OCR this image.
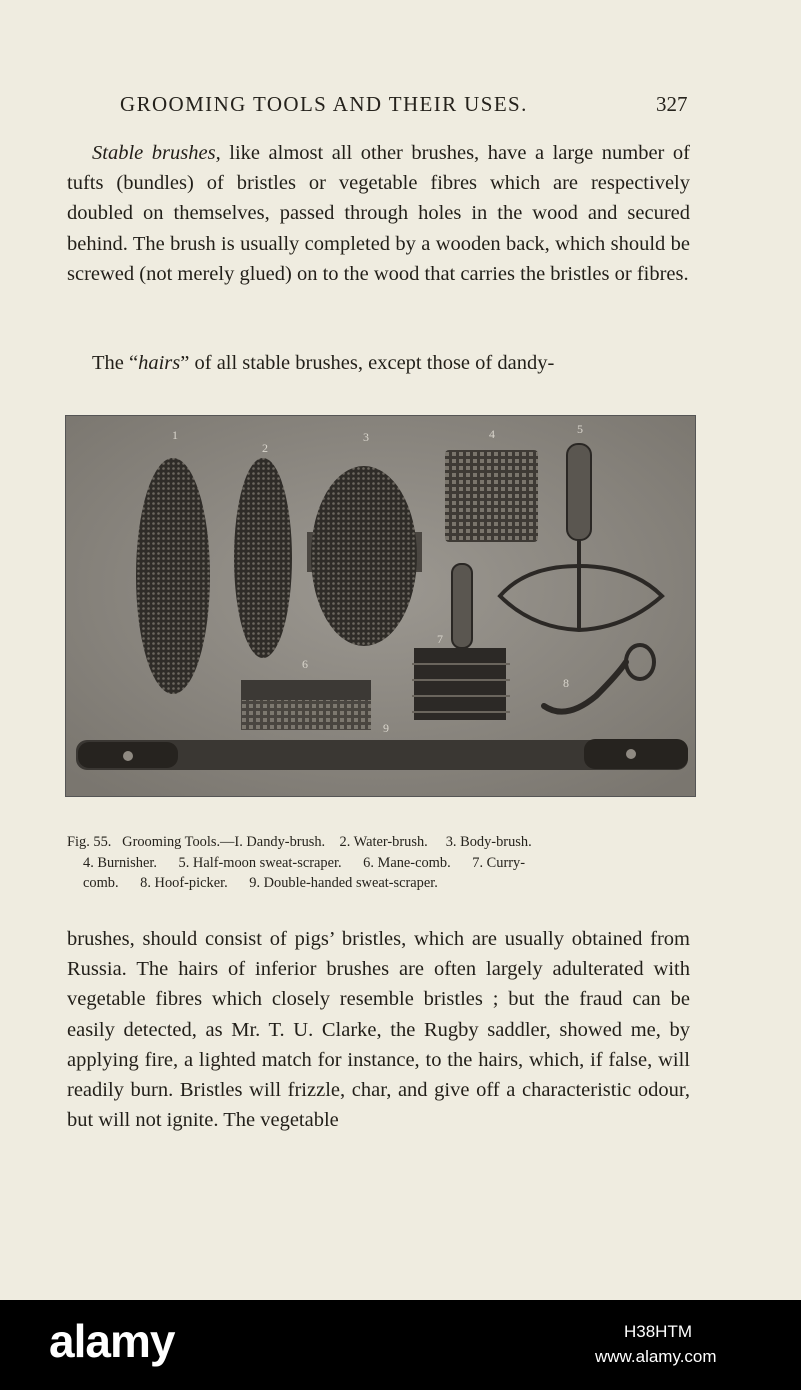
GROOMING TOOLS AND THEIR USES.	327

Stable brushes, like almost all other brushes, have a large number of tufts (bundles) of bristles or vegetable fibres which are respectively doubled on themselves, passed through holes in the wood and secured behind. The brush is usually completed by a wooden back, which should be screwed (not merely glued) on to the wood that carries the bristles or fibres.

The “hairs” of all stable brushes, except those of dandy-

1
2
3	4	5
6
7
8
9
Fig. 55.   Grooming Tools.—I. Dandy-brush.    2. Water-brush.     3. Body-brush.
4. Burnisher.      5. Half-moon sweat-scraper.      6. Mane-comb.      7. Curry-
comb.      8. Hoof-picker.      9. Double-handed sweat-scraper.

brushes, should consist of pigs’ bristles, which are usually obtained from Russia. The hairs of inferior brushes are often largely adulterated with vegetable fibres which closely resemble bristles ; but the fraud can be easily detected, as Mr. T. U. Clarke, the Rugby saddler, showed me, by applying fire, a lighted match for instance, to the hairs, which, if false, will readily burn. Bristles will frizzle, char, and give off a characteristic odour, but will not ignite. The vegetable

alamy	H38HTM
www.alamy.com
